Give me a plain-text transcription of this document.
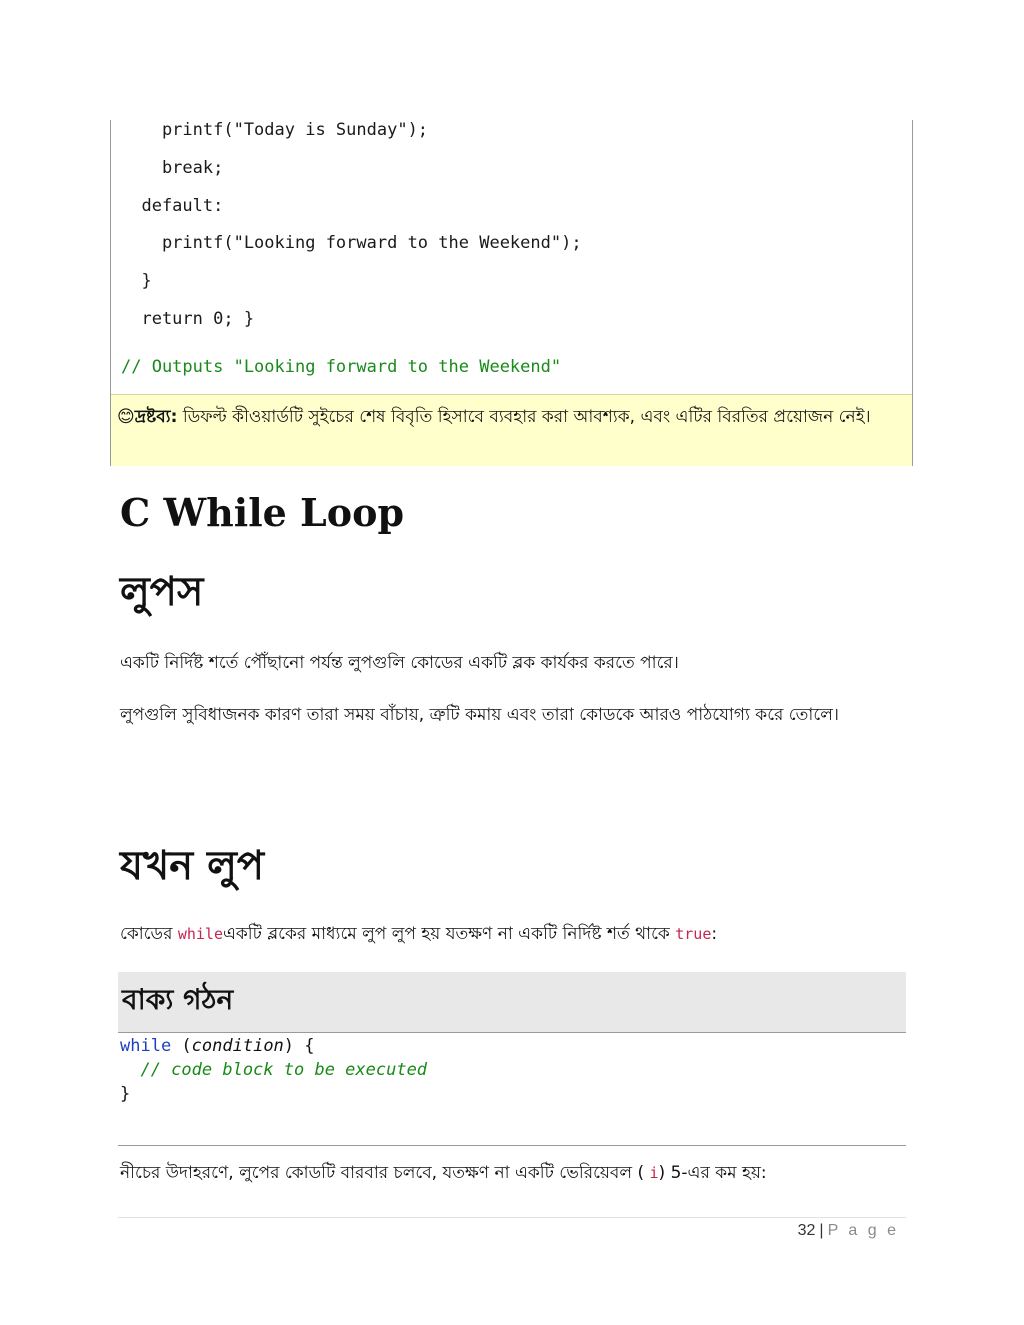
printf("Today is Sunday");
break;
default:
printf("Looking forward to the Weekend");
}
return 0; }
// Outputs "Looking forward to the Weekend"
😊দ্রষ্টব্য: ডিফল্ট কীওয়ার্ডটি সুইচের শেষ বিবৃতি হিসাবে ব্যবহার করা আবশ্যক, এবং এটির বিরতির প্রয়োজন নেই।
C While Loop
লুপস

একটি নির্দিষ্ট শর্তে পৌঁছানো পর্যন্ত লুপগুলি কোডের একটি ব্লক কার্যকর করতে পারে।

লুপগুলি সুবিধাজনক কারণ তারা সময় বাঁচায়, ত্রুটি কমায় এবং তারা কোডকে আরও পাঠযোগ্য করে তোলে।

যখন লুপ

কোডের whileএকটি ব্লকের মাধ্যমে লুপ লুপ হয় যতক্ষণ না একটি নির্দিষ্ট শর্ত থাকে true:

বাক্য গঠন
while (condition) {
// code block to be executed
}

নীচের উদাহরণে, লুপের কোডটি বারবার চলবে, যতক্ষণ না একটি ভেরিয়েবল ( i) 5-এর কম হয়:

32 | P a g e
